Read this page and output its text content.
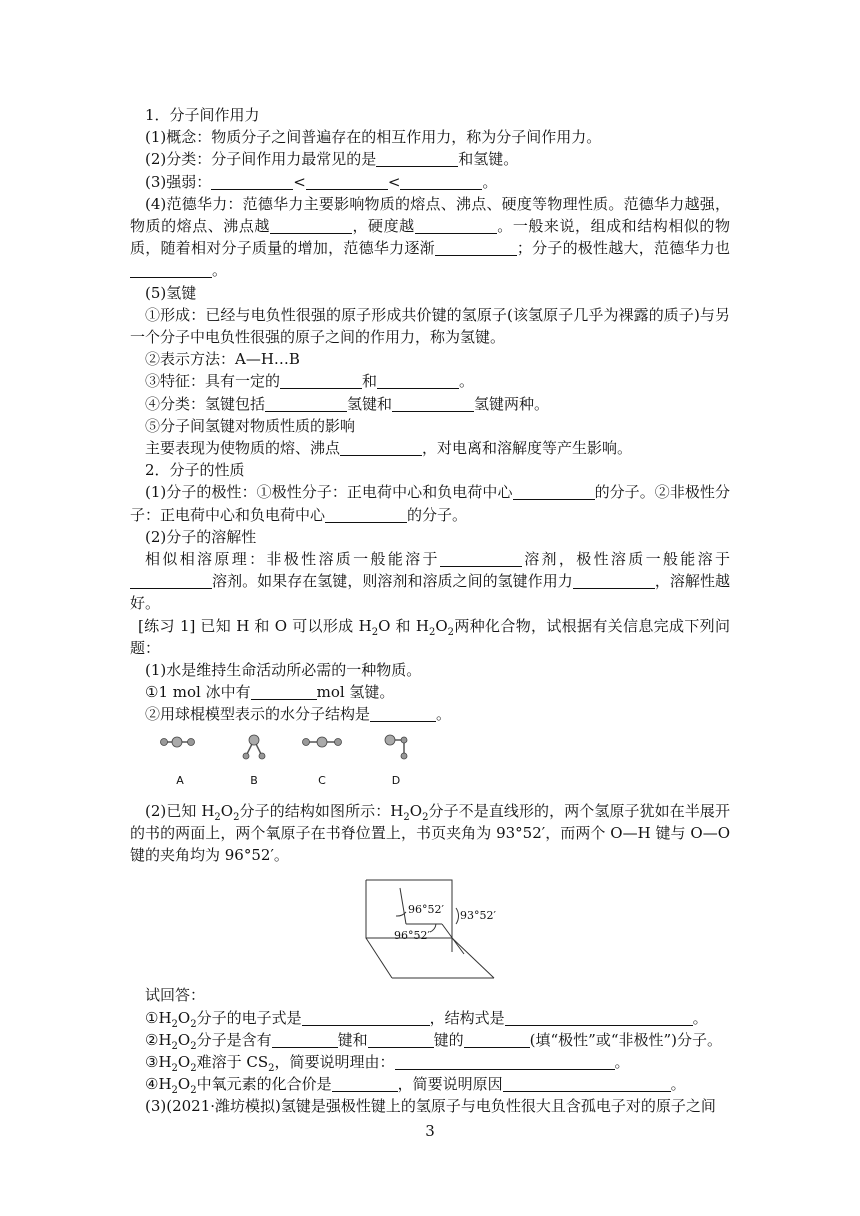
1．分子间作用力

(1)概念：物质分子之间普遍存在的相互作用力，称为分子间作用力。

(2)分类：分子间作用力最常见的是	和氢键。

(3)强弱：	<	<	。

(4)范德华力：范德华力主要影响物质的熔点、沸点、硬度等物理性质。范德华力越强，物质的熔点、沸点越	，硬度越	。一般来说，组成和结构相似的物质，随着相对分子质量的增加，范德华力逐渐	；分子的极性越大，范德华力也。

(5)氢键

①形成：已经与电负性很强的原子形成共价键的氢原子(该氢原子几乎为裸露的质子)与另一个分子中电负性很强的原子之间的作用力，称为氢键。

②表示方法：A—H…B

③特征：具有一定的	和	。

④分类：氢键包括	氢键和	氢键两种。

⑤分子间氢键对物质性质的影响

主要表现为使物质的熔、沸点	，对电离和溶解度等产生影响。

2．分子的性质

(1)分子的极性：①极性分子：正电荷中心和负电荷中心	的分子。②非极性分子：正电荷中心和负电荷中心	的分子。

(2)分子的溶解性

相似相溶原理：非极性溶质一般能溶于	溶剂，极性溶质一般能溶于溶剂。如果存在氢键，则溶剂和溶质之间的氢键作用力	，溶解性越好。

[练习 1] 已知 H 和 O 可以形成 $H_2O$ 和 $H_2O_2$两种化合物，试根据有关信息完成下列问题：

(1)水是维持生命活动所必需的一种物质。

①1 mol 冰中有	mol 氢键。

②用球棍模型表示的水分子结构是	。

A	B	C	D

(2)已知 $H_2O_2$分子的结构如图所示：$H_2O_2$分子不是直线形的，两个氢原子犹如在半展开的书的两面上，两个氧原子在书脊位置上，书页夹角为 93°52′，而两个 O—H 键与 O—O 键的夹角均为 96°52′。

96°52′
96°52′
93°52′

试回答：

$①H_2O_2$分子的电子式是	，结构式是	。

$②H_2O_2$分子是含有	键和	键的	(填“极性”或“非极性”)分子。

$③H_2O_2$难溶于 $CS_2$，简要说明理由：	。

$④H_2O_2$中氧元素的化合价是	，简要说明原因	。

(3)(2021·潍坊模拟)氢键是强极性键上的氢原子与电负性很大且含孤电子对的原子之间

3
